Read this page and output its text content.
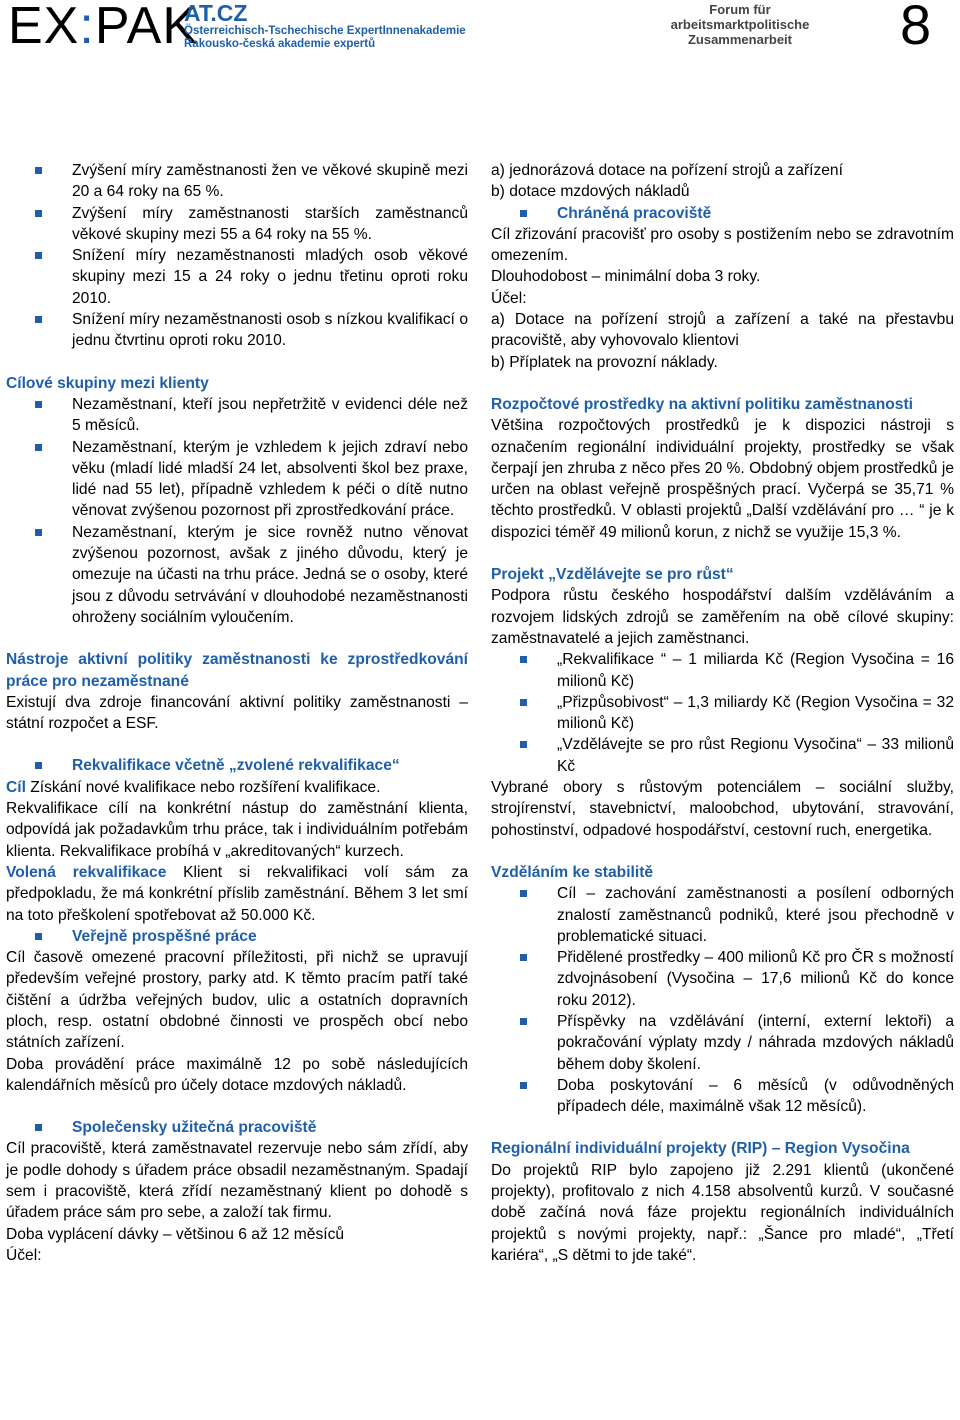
EX:PAK
AT.CZ
Österreichisch-Tschechische ExpertInnenakademie
Rakousko-česká akademie expertů
Forum für arbeitsmarktpolitische Zusammenarbeit	8

Zvýšení míry zaměstnanosti žen ve věkové skupině mezi 20 a 64 roky na 65 %.

Zvýšení míry zaměstnanosti starších zaměstnanců věkové skupiny mezi 55 a 64 roky na 55 %.

Snížení míry nezaměstnanosti mladých osob věkové skupiny mezi 15 a 24 roky o jednu třetinu oproti roku 2010.

Snížení míry nezaměstnanosti osob s nízkou kvalifikací o jednu čtvrtinu oproti roku 2010.

Cílové skupiny mezi klienty

Nezaměstnaní, kteří jsou nepřetržitě v evidenci déle než 5 měsíců.

Nezaměstnaní, kterým je vzhledem k jejich zdraví nebo věku (mladí lidé mladší 24 let, absolventi škol bez praxe, lidé nad 55 let), případně vzhledem k péči o dítě nutno věnovat zvýšenou pozornost při zprostředkování práce.

Nezaměstnaní, kterým je sice rovněž nutno věnovat zvýšenou pozornost, avšak z jiného důvodu, který je omezuje na účasti na trhu práce. Jedná se o osoby, které jsou z důvodu setrvávání v dlouhodobé nezaměstnanosti ohroženy sociálním vyloučením.

Nástroje aktivní politiky zaměstnanosti ke zprostředkování práce pro nezaměstnané

Existují dva zdroje financování aktivní politiky zaměstnanosti – státní rozpočet a ESF.

Rekvalifikace včetně „zvolené rekvalifikace“

Cíl Získání nové kvalifikace nebo rozšíření kvalifikace.

Rekvalifikace cílí na konkrétní nástup do zaměstnání klienta, odpovídá jak požadavkům trhu práce, tak i individuálním potřebám klienta. Rekvalifikace probíhá v „akreditovaných“ kurzech.

Volená rekvalifikace Klient si rekvalifikaci volí sám za předpokladu, že má konkrétní příslib zaměstnání. Během 3 let smí na toto přeškolení spotřebovat až 50.000 Kč.

Veřejně prospěšné práce

Cíl časově omezené pracovní příležitosti, při nichž se upravují především veřejné prostory, parky atd. K těmto pracím patří také čištění a údržba veřejných budov, ulic a ostatních dopravních ploch, resp. ostatní obdobné činnosti ve prospěch obcí nebo státních zařízení.

Doba provádění práce maximálně 12 po sobě následujících kalendářních měsíců pro účely dotace mzdových nákladů.

Společensky užitečná pracoviště

Cíl pracoviště, která zaměstnavatel rezervuje nebo sám zřídí, aby je podle dohody s úřadem práce obsadil nezaměstnaným. Spadají sem i pracoviště, která zřídí nezaměstnaný klient po dohodě s úřadem práce sám pro sebe, a založí tak firmu.

Doba vyplácení dávky – většinou 6 až 12 měsíců

Účel:

a) jednorázová dotace na pořízení strojů a zařízení

b) dotace mzdových nákladů

Chráněná pracoviště

Cíl zřizování pracovišť pro osoby s postižením nebo se zdravotním omezením.

Dlouhodobost – minimální doba 3 roky.

Účel:

a) Dotace na pořízení strojů a zařízení a také na přestavbu pracoviště, aby vyhovovalo klientovi

b) Příplatek na provozní náklady.

Rozpočtové prostředky na aktivní politiku zaměstnanosti

Většina rozpočtových prostředků je k dispozici nástroji s označením regionální individuální projekty, prostředky se však čerpají jen zhruba z něco přes 20 %. Obdobný objem prostředků je určen na oblast veřejně prospěšných prací. Vyčerpá se 35,71 % těchto prostředků. V oblasti projektů „Další vzdělávání pro … “ je k dispozici téměř 49 milionů korun, z nichž se využije 15,3 %.

Projekt „Vzdělávejte se pro růst“

Podpora růstu českého hospodářství dalším vzděláváním a rozvojem lidských zdrojů se zaměřením na obě cílové skupiny: zaměstnavatelé a jejich zaměstnanci.

„Rekvalifikace “ – 1 miliarda Kč (Region Vysočina = 16 milionů Kč)

„Přizpůsobivost“ – 1,3 miliardy Kč (Region Vysočina = 32 milionů Kč)

„Vzdělávejte se pro růst Regionu Vysočina“ – 33 milionů Kč

Vybrané obory s růstovým potenciálem – sociální služby, strojírenství, stavebnictví, maloobchod, ubytování, stravování, pohostinství, odpadové hospodářství, cestovní ruch, energetika.

Vzděláním ke stabilitě

Cíl – zachování zaměstnanosti a posílení odborných znalostí zaměstnanců podniků, které jsou přechodně v problematické situaci.

Přidělené prostředky – 400 milionů Kč pro ČR s možností zdvojnásobení (Vysočina – 17,6 milionů Kč do konce roku 2012).

Příspěvky na vzdělávání (interní, externí lektoři) a pokračování výplaty mzdy / náhrada mzdových nákladů během doby školení.

Doba poskytování – 6 měsíců (v odůvodněných případech déle, maximálně však 12 měsíců).

Regionální individuální projekty (RIP) – Region Vysočina

Do projektů RIP bylo zapojeno již 2.291 klientů (ukončené projekty), profitovalo z nich 4.158 absolventů kurzů. V současné době začíná nová fáze projektu regionálních individuálních projektů s novými projekty, např.: „Šance pro mladé“, „Třetí kariéra“, „S dětmi to jde také“.
